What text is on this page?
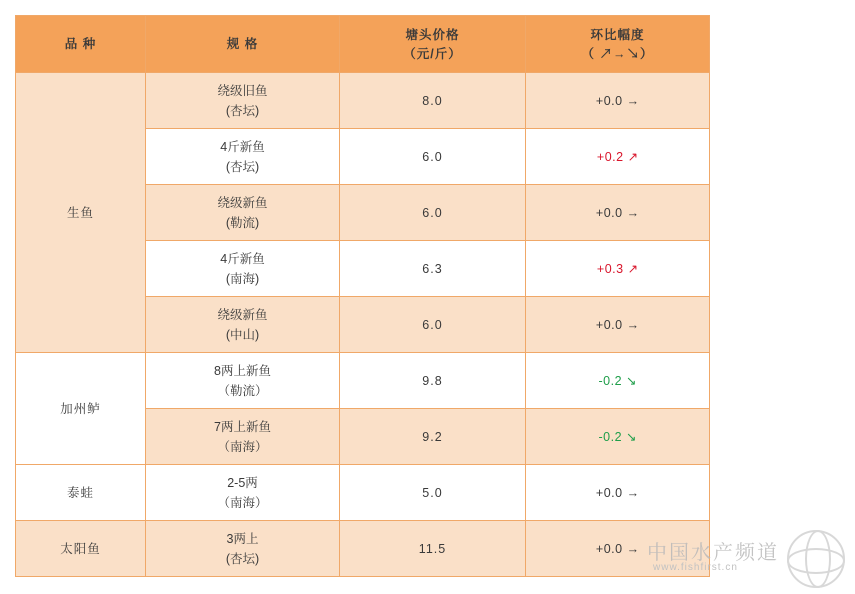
品 种	规 格	塘头价格
（元/斤）	环比幅度
（ ↗→↘）

生鱼	绕级旧鱼
(杏坛)	8.0	+0.0 →

	4斤新鱼
(杏坛)	6.0	+0.2 ↗

	绕级新鱼
(勒流)	6.0	+0.0 →

	4斤新鱼
(南海)	6.3	+0.3 ↗

	绕级新鱼
(中山)	6.0	+0.0 →
加州鲈	8两上新鱼
（勒流）	9.8	-0.2 ↘

	7两上新鱼
（南海）	9.2	-0.2 ↘
泰蛙	2-5两
（南海）	5.0	+0.0 →
太阳鱼	3两上
(杏坛)	11.5	+0.0 → 中国水产频道
www.fishfirst.cn
